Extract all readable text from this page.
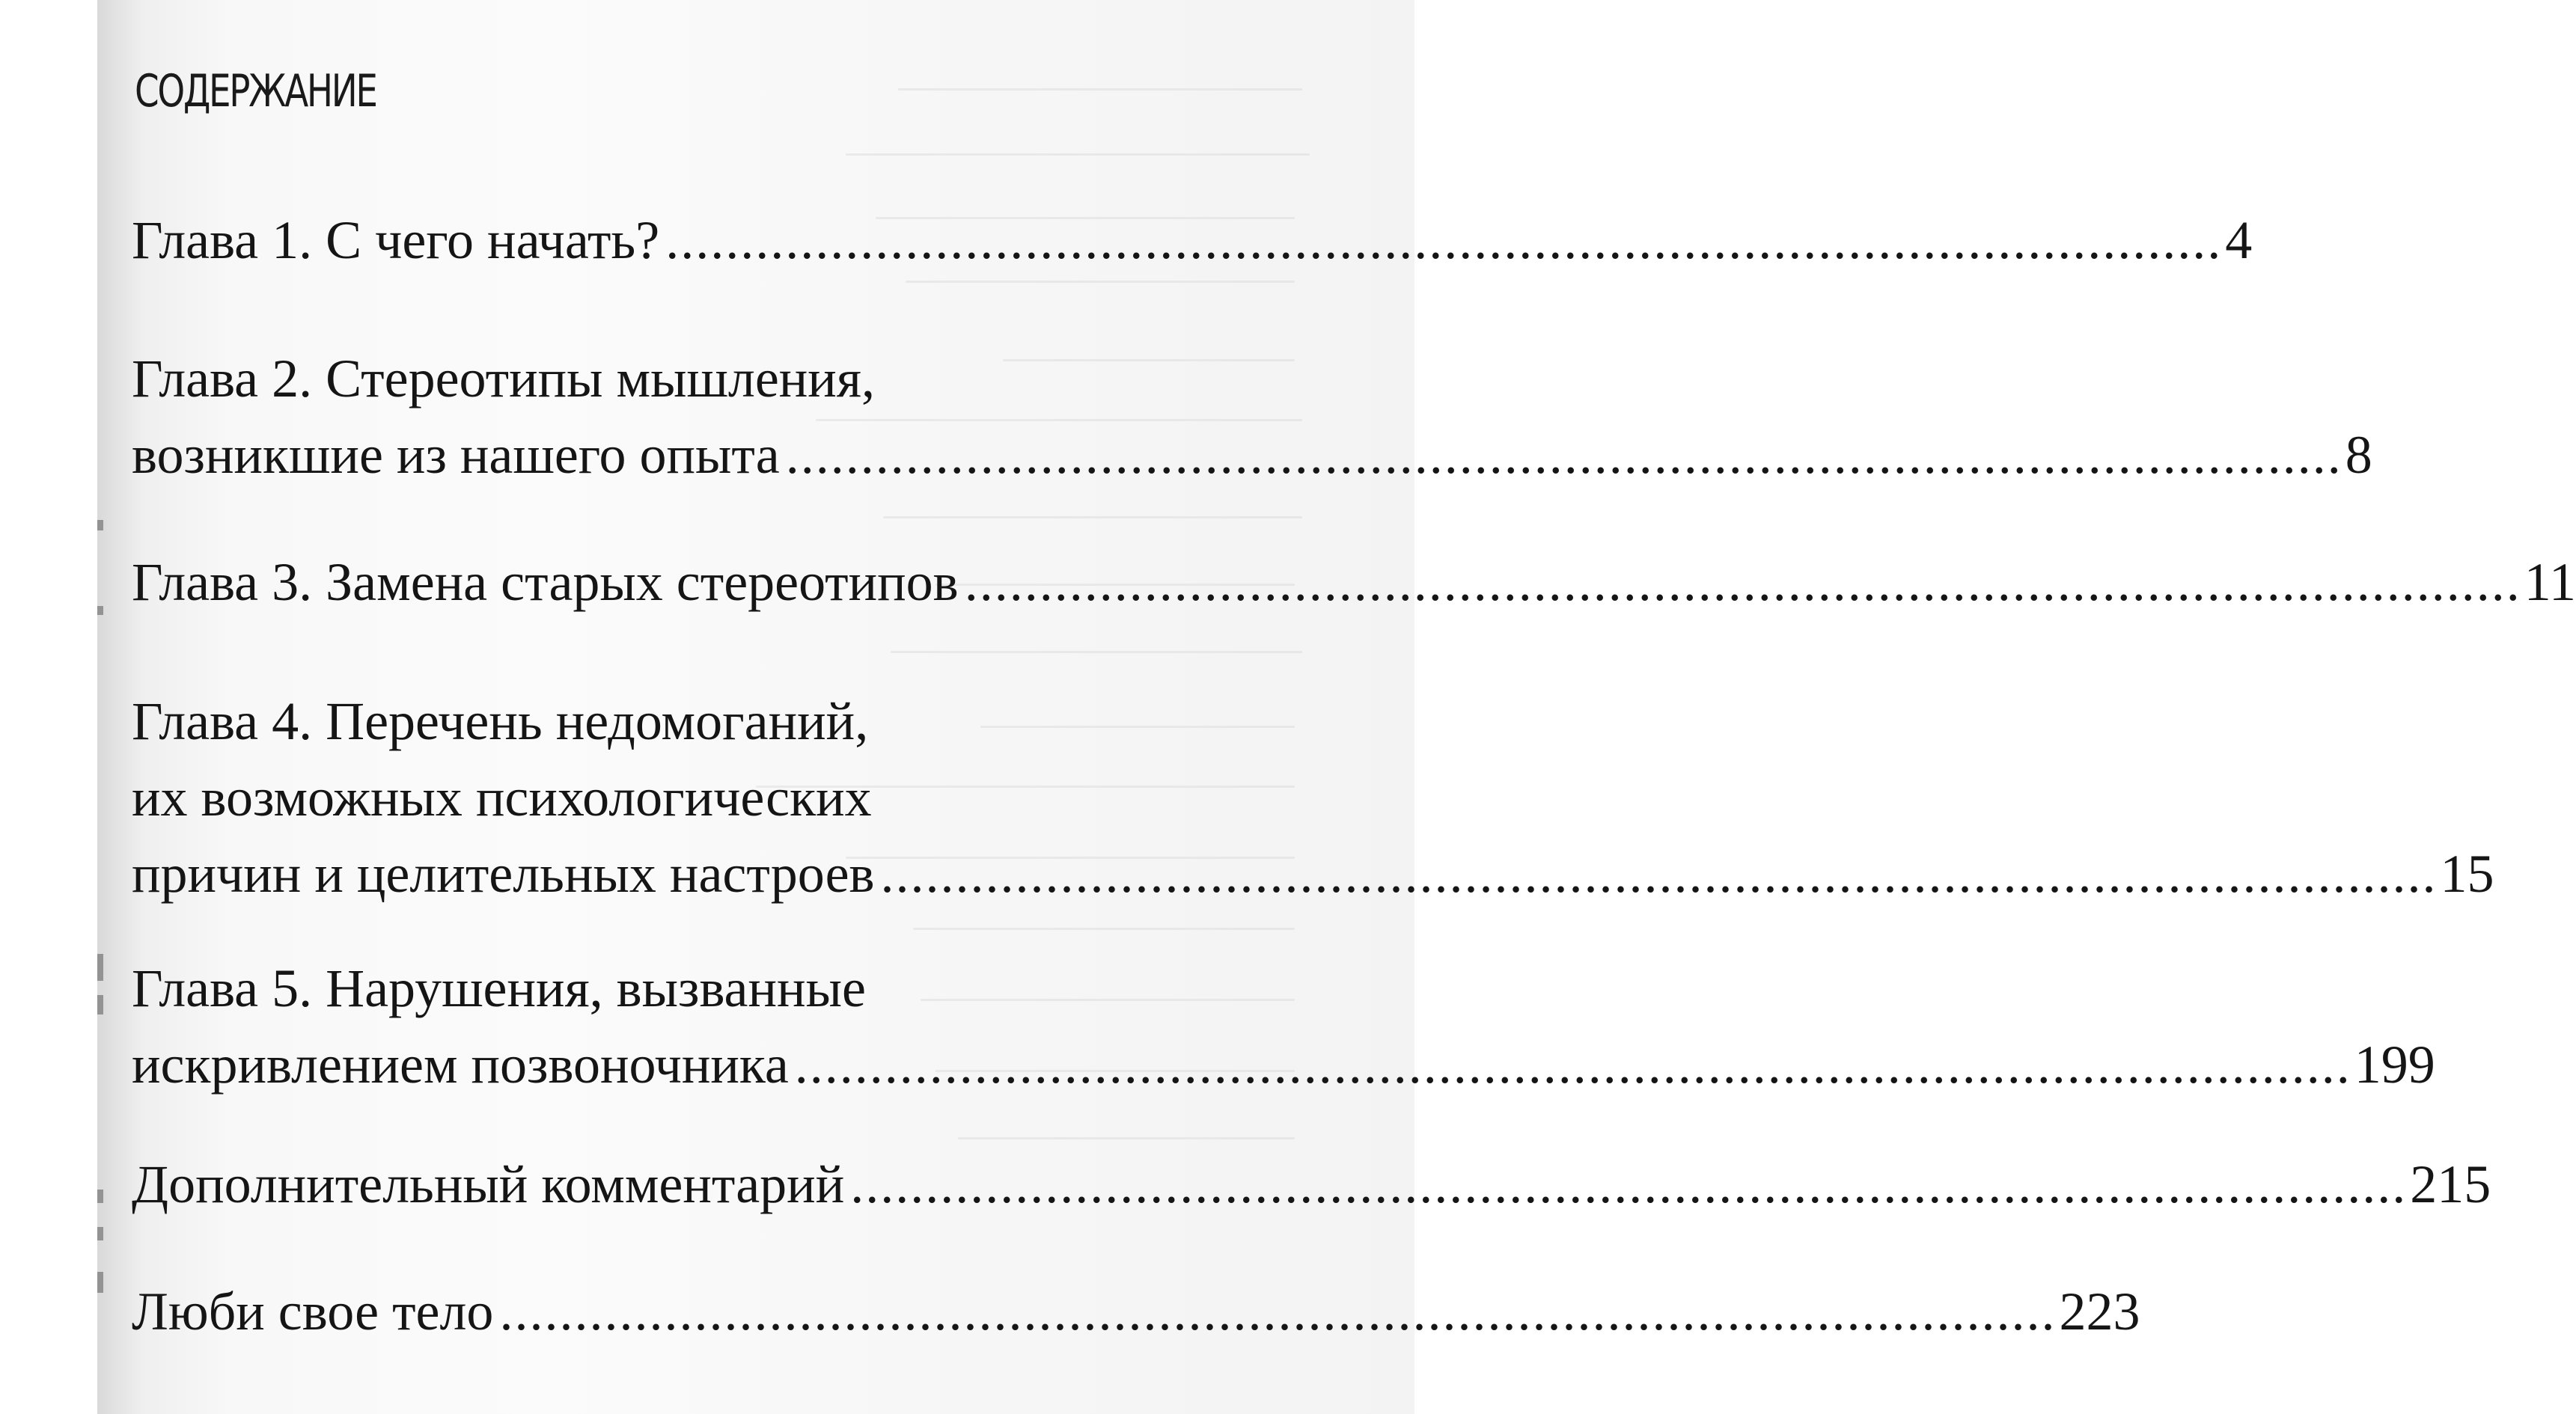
СОДЕРЖАНИЕ
Глава 1. С чего начать? ........................................................................................................ 4
Глава 2. Стереотипы мышления,
возникшие из нашего опыта ........................................................................................................ 8
Глава 3. Замена старых стереотипов ........................................................................................................ 11
Глава 4. Перечень недомоганий,
их возможных психологических
причин и целительных настроев ........................................................................................................ 15
Глава 5. Нарушения, вызванные
искривлением позвоночника ........................................................................................................ 199
Дополнительный комментарий ........................................................................................................ 215
Люби свое тело ........................................................................................................ 223
